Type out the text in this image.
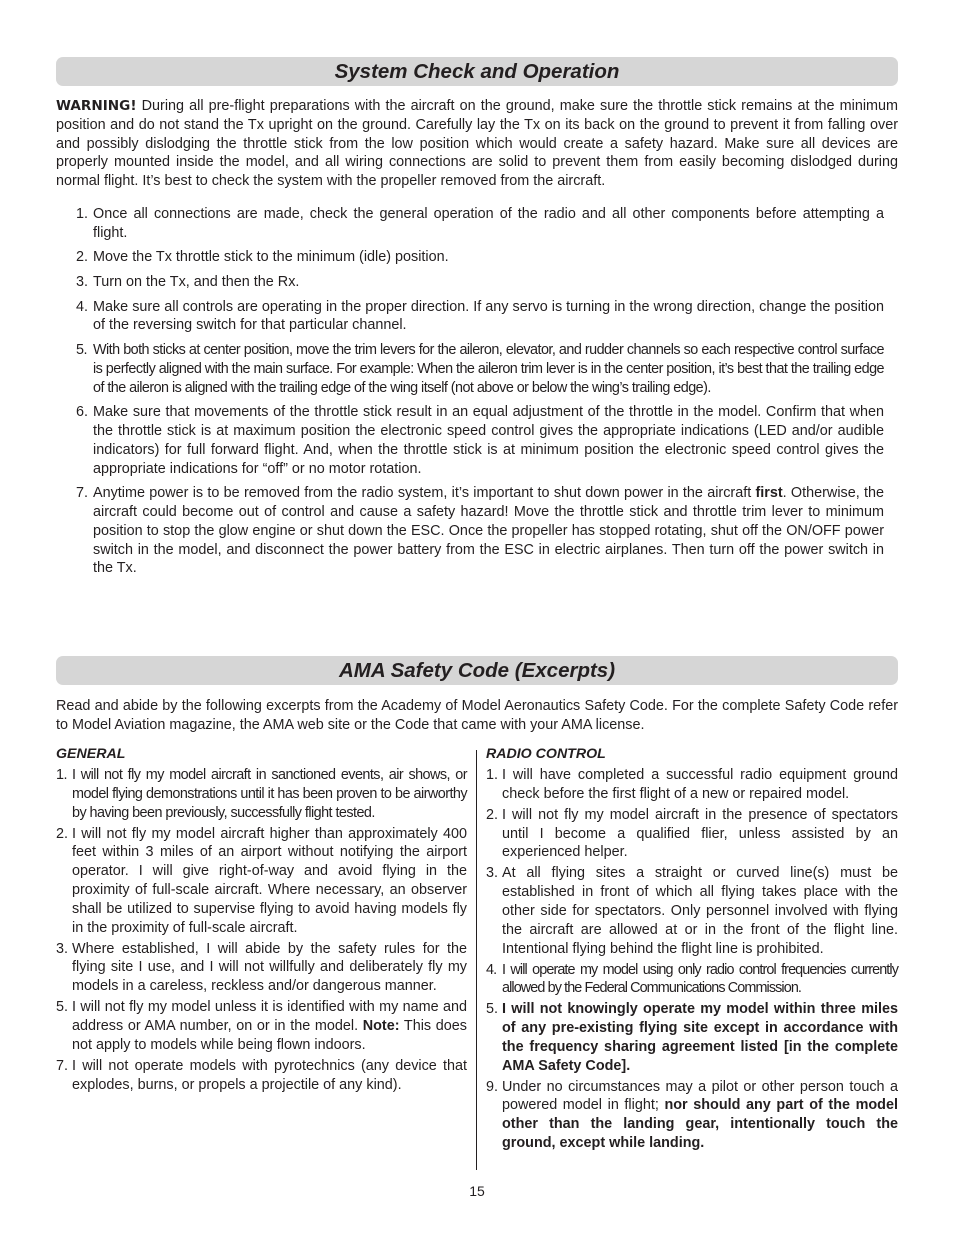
System Check and Operation

WARNING! During all pre-flight preparations with the aircraft on the ground, make sure the throttle stick remains at the minimum position and do not stand the Tx upright on the ground. Carefully lay the Tx on its back on the ground to prevent it from falling over and possibly dislodging the throttle stick from the low position which would create a safety hazard. Make sure all devices are properly mounted inside the model, and all wiring connections are solid to prevent them from easily becoming dislodged during normal flight. It’s best to check the system with the propeller removed from the aircraft.

1. Once all connections are made, check the general operation of the radio and all other components before attempting a flight.
2. Move the Tx throttle stick to the minimum (idle) position.
3. Turn on the Tx, and then the Rx.
4. Make sure all controls are operating in the proper direction. If any servo is turning in the wrong direction, change the position of the reversing switch for that particular channel.
5. With both sticks at center position, move the trim levers for the aileron, elevator, and rudder channels so each respective control surface is perfectly aligned with the main surface. For example: When the aileron trim lever is in the center position, it’s best that the trailing edge of the aileron is aligned with the trailing edge of the wing itself (not above or below the wing’s trailing edge).
6. Make sure that movements of the throttle stick result in an equal adjustment of the throttle in the model. Confirm that when the throttle stick is at maximum position the electronic speed control gives the appropriate indications (LED and/or audible indicators) for full forward flight. And, when the throttle stick is at minimum position the electronic speed control gives the appropriate indications for “off” or no motor rotation.
7. Anytime power is to be removed from the radio system, it’s important to shut down power in the aircraft first. Otherwise, the aircraft could become out of control and cause a safety hazard! Move the throttle stick and throttle trim lever to minimum position to stop the glow engine or shut down the ESC. Once the propeller has stopped rotating, shut off the ON/OFF power switch in the model, and disconnect the power battery from the ESC in electric airplanes. Then turn off the power switch in the Tx.
AMA Safety Code (Excerpts)

Read and abide by the following excerpts from the Academy of Model Aeronautics Safety Code. For the complete Safety Code refer to Model Aviation magazine, the AMA web site or the Code that came with your AMA license.

GENERAL
1. I will not fly my model aircraft in sanctioned events, air shows, or model flying demonstrations until it has been proven to be airworthy by having been previously, successfully flight tested.
2. I will not fly my model aircraft higher than approximately 400 feet within 3 miles of an airport without notifying the airport operator. I will give right-of-way and avoid flying in the proximity of full-scale aircraft. Where necessary, an observer shall be utilized to supervise flying to avoid having models fly in the proximity of full-scale aircraft.
3. Where established, I will abide by the safety rules for the flying site I use, and I will not willfully and deliberately fly my models in a careless, reckless and/or dangerous manner.
5. I will not fly my model unless it is identified with my name and address or AMA number, on or in the model. Note: This does not apply to models while being flown indoors.
7. I will not operate models with pyrotechnics (any device that explodes, burns, or propels a projectile of any kind).
RADIO CONTROL
1. I will have completed a successful radio equipment ground check before the first flight of a new or repaired model.
2. I will not fly my model aircraft in the presence of spectators until I become a qualified flier, unless assisted by an experienced helper.
3. At all flying sites a straight or curved line(s) must be established in front of which all flying takes place with the other side for spectators. Only personnel involved with flying the aircraft are allowed at or in the front of the flight line. Intentional flying behind the flight line is prohibited.
4. I will operate my model using only radio control frequencies currently allowed by the Federal Communications Commission.
5. I will not knowingly operate my model within three miles of any pre-existing flying site except in accordance with the frequency sharing agreement listed [in the complete AMA Safety Code].
9. Under no circumstances may a pilot or other person touch a powered model in flight; nor should any part of the model other than the landing gear, intentionally touch the ground, except while landing.
15
